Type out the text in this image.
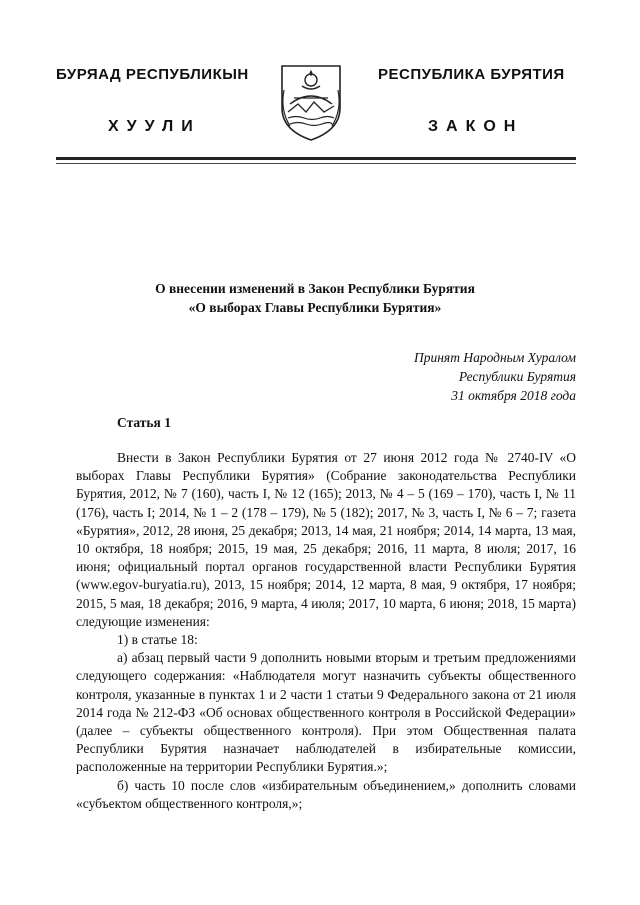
БУРЯАД РЕСПУБЛИКЫН
ХУУЛИ
РЕСПУБЛИКА БУРЯТИЯ
ЗАКОН
О внесении изменений в Закон Республики Бурятия
«О выборах Главы Республики Бурятия»
Принят Народным Хуралом
Республики Бурятия
31 октября 2018 года
Статья 1

Внести в Закон Республики Бурятия от 27 июня 2012 года № 2740-IV «О выборах Главы Республики Бурятия» (Собрание законодательства Республики Бурятия, 2012, № 7 (160), часть I, № 12 (165); 2013, № 4 – 5 (169 – 170), часть I, № 11 (176), часть I; 2014, № 1 – 2 (178 – 179), № 5 (182); 2017, № 3, часть I, № 6 – 7; газета «Бурятия», 2012, 28 июня, 25 декабря; 2013, 14 мая, 21 ноября; 2014, 14 марта, 13 мая, 10 октября, 18 ноября; 2015, 19 мая, 25 декабря; 2016, 11 марта, 8 июля; 2017, 16 июня; официальный портал органов государственной власти Республики Бурятия (www.egov-buryatia.ru), 2013, 15 ноября; 2014, 12 марта, 8 мая, 9 октября, 17 ноября; 2015, 5 мая, 18 декабря; 2016, 9 марта, 4 июля; 2017, 10 марта, 6 июня; 2018, 15 марта) следующие изменения:

1) в статье 18:

а) абзац первый части 9 дополнить новыми вторым и третьим предложениями следующего содержания: «Наблюдателя могут назначить субъекты общественного контроля, указанные в пунктах 1 и 2 части 1 статьи 9 Федерального закона от 21 июля 2014 года № 212-ФЗ «Об основах общественного контроля в Российской Федерации» (далее – субъекты общественного контроля). При этом Общественная палата Республики Бурятия назначает наблюдателей в избирательные комиссии, расположенные на территории Республики Бурятия.»;

б) часть 10 после слов «избирательным объединением,» дополнить словами «субъектом общественного контроля,»;
